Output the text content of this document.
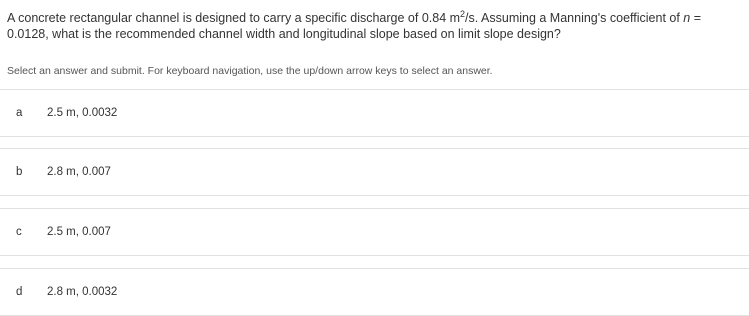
A concrete rectangular channel is designed to carry a specific discharge of 0.84 $m^2/s$. Assuming a Manning's coefficient of n = 0.0128, what is the recommended channel width and longitudinal slope based on limit slope design?
Select an answer and submit. For keyboard navigation, use the up/down arrow keys to select an answer.
a 2.5 m, 0.0032
b 2.8 m, 0.007
c 2.5 m, 0.007
d 2.8 m, 0.0032
